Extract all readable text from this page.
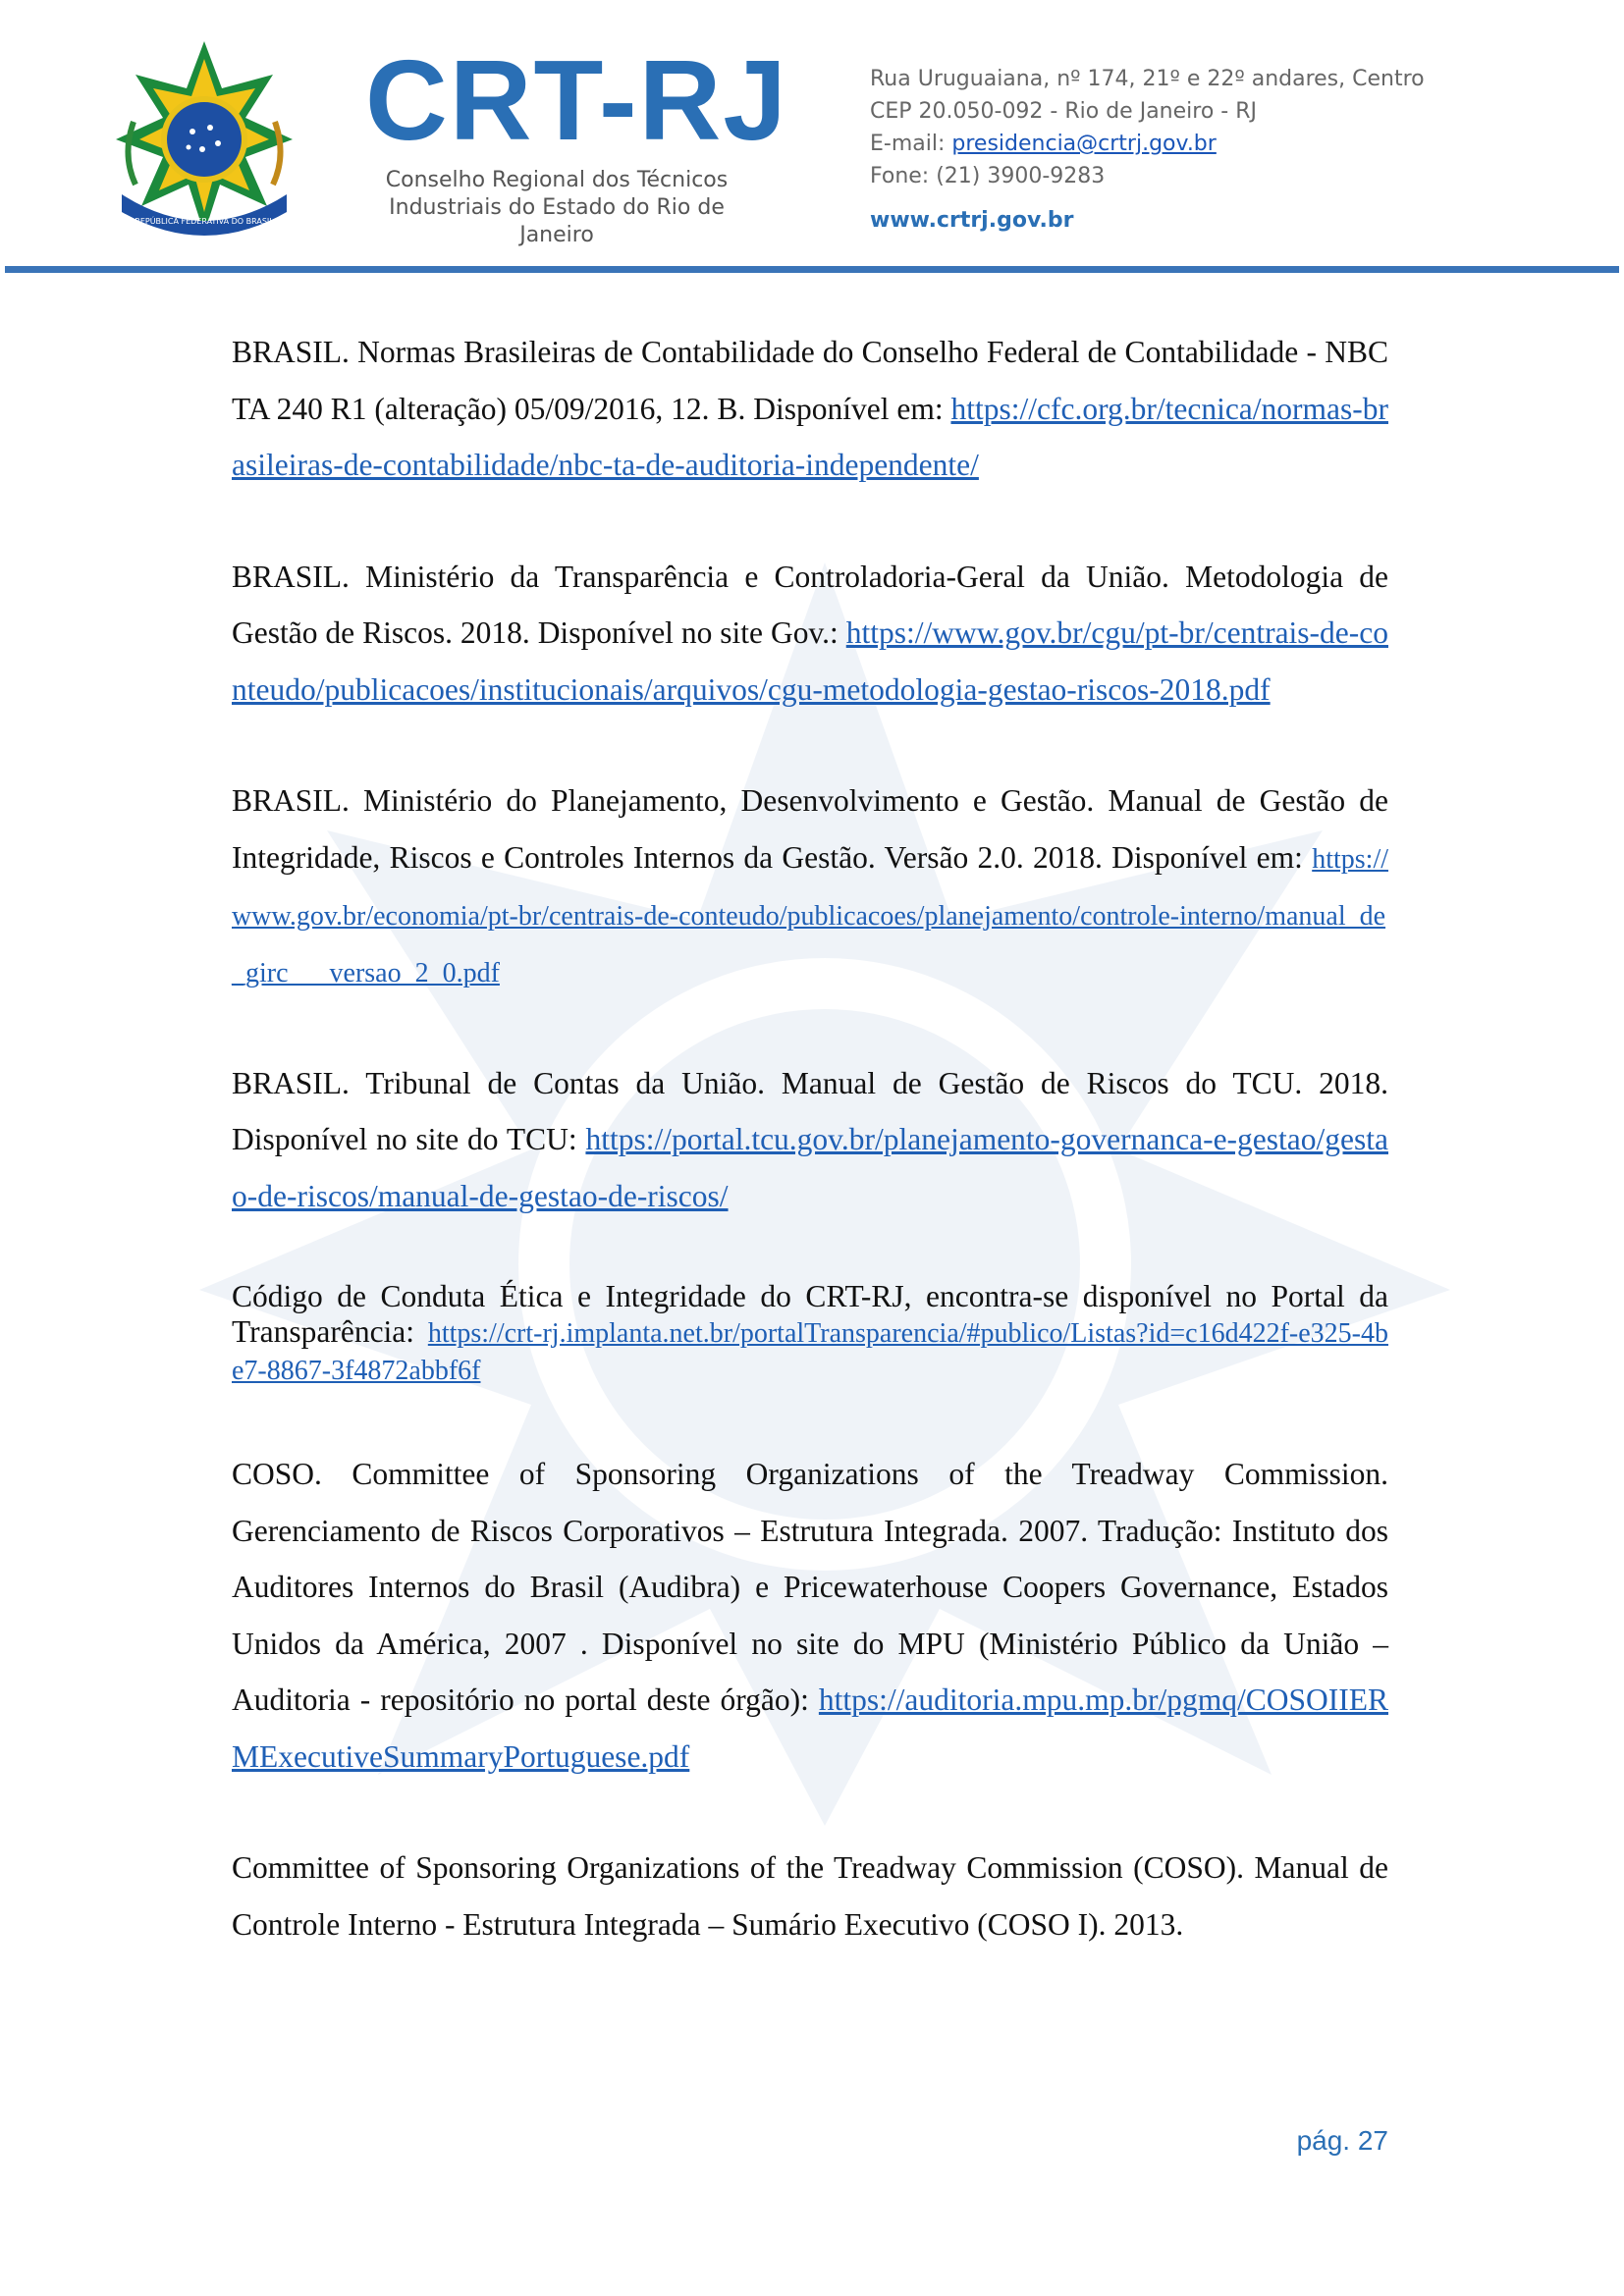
REPÚBLICA FEDERATIVA DO BRASIL
CRT-RJ
Conselho Regional dos Técnicos
Industriais do Estado do Rio de Janeiro
Rua Uruguaiana, nº 174, 21º e 22º andares, Centro
CEP 20.050-092 - Rio de Janeiro - RJ
E-mail: presidencia@crtrj.gov.br
Fone: (21) 3900-9283
www.crtrj.gov.br

BRASIL. Normas Brasileiras de Contabilidade do Conselho Federal de Contabilidade - NBC TA 240 R1 (alteração) 05/09/2016, 12. B. Disponível em: https://cfc.org.br/tecnica/normas-brasileiras-de-contabilidade/nbc-ta-de-auditoria-independente/

BRASIL. Ministério da Transparência e Controladoria-Geral da União. Metodologia de Gestão de Riscos. 2018. Disponível no site Gov.: https://www.gov.br/cgu/pt-br/centrais-de-conteudo/publicacoes/institucionais/arquivos/cgu-metodologia-gestao-riscos-2018.pdf

BRASIL. Ministério do Planejamento, Desenvolvimento e Gestão. Manual de Gestão de Integridade, Riscos e Controles Internos da Gestão. Versão 2.0. 2018. Disponível em: https://www.gov.br/economia/pt-br/centrais-de-conteudo/publicacoes/planejamento/controle-interno/manual_de_girc___versao_2_0.pdf

BRASIL. Tribunal de Contas da União. Manual de Gestão de Riscos do TCU. 2018. Disponível no site do TCU: https://portal.tcu.gov.br/planejamento-governanca-e-gestao/gestao-de-riscos/manual-de-gestao-de-riscos/

Código de Conduta Ética e Integridade do CRT-RJ, encontra-se disponível no Portal da Transparência: https://crt-rj.implanta.net.br/portalTransparencia/#publico/Listas?id=c16d422f-e325-4be7-8867-3f4872abbf6f

COSO. Committee of Sponsoring Organizations of the Treadway Commission. Gerenciamento de Riscos Corporativos – Estrutura Integrada. 2007. Tradução: Instituto dos Auditores Internos do Brasil (Audibra) e Pricewaterhouse Coopers Governance, Estados Unidos da América, 2007 . Disponível no site do MPU (Ministério Público da União – Auditoria - repositório no portal deste órgão): https://auditoria.mpu.mp.br/pgmq/COSOIIERMExecutiveSummaryPortuguese.pdf

Committee of Sponsoring Organizations of the Treadway Commission (COSO). Manual de Controle Interno - Estrutura Integrada – Sumário Executivo (COSO I). 2013.

pág. 27
